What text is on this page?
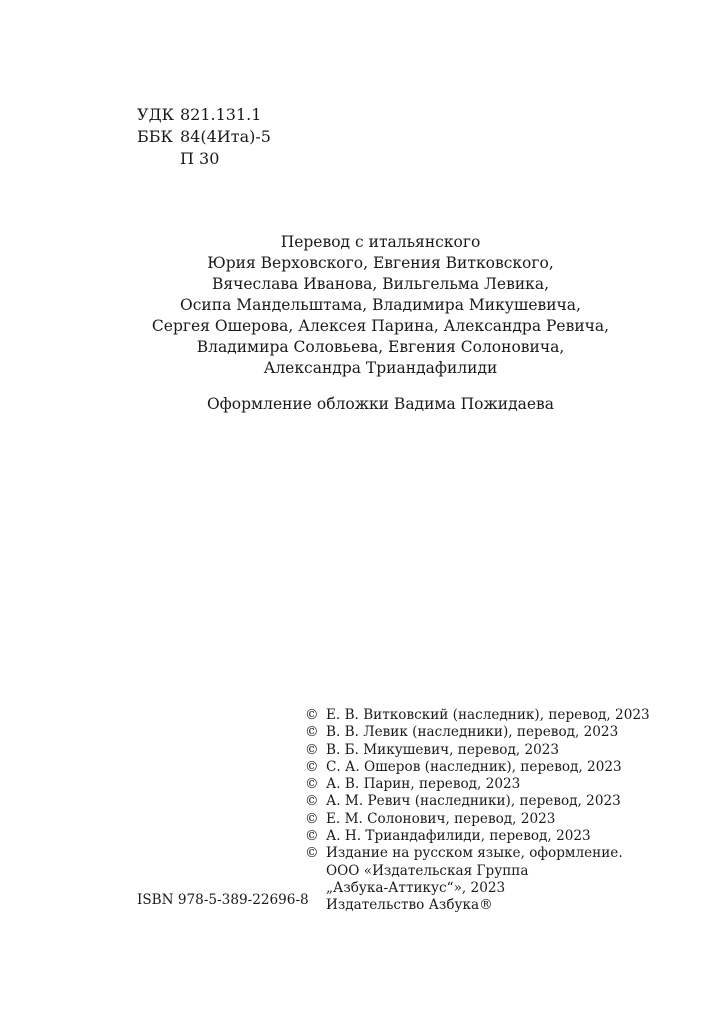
УДК 821.131.1
ББК 84(4Ита)-5
П 30
Перевод с итальянского
Юрия Верховского, Евгения Витковского,
Вячеслава Иванова, Вильгельма Левика,
Осипа Мандельштама, Владимира Микушевича,
Сергея Ошерова, Алексея Парина, Александра Ревича,
Владимира Соловьева, Евгения Солоновича,
Александра Триандафилиди
Оформление обложки Вадима Пожидаева
© Е. В. Витковский (наследник), перевод, 2023
© В. В. Левик (наследники), перевод, 2023
© В. Б. Микушевич, перевод, 2023
© С. А. Ошеров (наследник), перевод, 2023
© А. В. Парин, перевод, 2023
© А. М. Ревич (наследники), перевод, 2023
© Е. М. Солонович, перевод, 2023
© А. Н. Триандафилиди, перевод, 2023
© Издание на русском языке, оформление.
ООО «Издательская Группа
„Азбука-Аттикус“», 2023
Издательство Азбука®
ISBN 978-5-389-22696-8
